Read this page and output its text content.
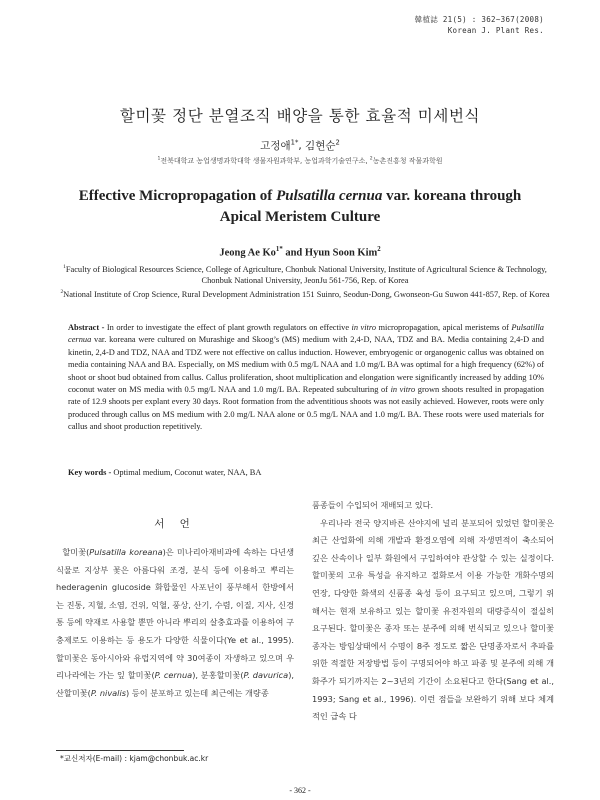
韓植誌 21(5) : 362~367(2008)
Korean J. Plant Res.
할미꽃 정단 분열조직 배양을 통한 효율적 미세번식
고정애$^{1*}$, 김현순$^2$
$^1$전북대학교 농업생명과학대학 생물자원과학부, 농업과학기술연구소, $^2$농촌진흥청 작물과학원
Effective Micropropagation of Pulsatilla cernua var. koreana through
Apical Meristem Culture
Jeong Ae $Ko^{1*}$ and Hyun Soon Kim$^2$
$^1$Faculty of Biological Resources Science, College of Agriculture, Chonbuk National University, Institute of Agricultural Science & Technology, Chonbuk National University, JeonJu 561-756, Rep. of Korea
$^2$National Institute of Crop Science, Rural Development Administration 151 Suinro, Seodun-Dong, Gwonseon-Gu Suwon 441-857, Rep. of Korea
Abstract - In order to investigate the effect of plant growth regulators on effective in vitro micropropagation, apical meristems of Pulsatilla cernua var. koreana were cultured on Murashige and Skoog’s (MS) medium with 2,4-D, NAA, TDZ and BA. Media containing 2,4-D and kinetin, 2,4-D and TDZ, NAA and TDZ were not effective on callus induction. However, embryogenic or organogenic callus was obtained on media containing NAA and BA. Especially, on MS medium with 0.5 mg/L NAA and 1.0 mg/L BA was optimal for a high frequency (62%) of shoot or shoot bud obtained from callus. Callus proliferation, shoot multiplication and elongation were significantly increased by adding 10% coconut water on MS media with 0.5 mg/L NAA and 1.0 mg/L BA. Repeated subculturing of in vitro grown shoots resulted in propagation rate of 12.9 shoots per explant every 30 days. Root formation from the adventitious shoots was not easily achieved. However, roots were only produced through callus on MS medium with 2.0 mg/L NAA alone or 0.5 mg/L NAA and 1.0 mg/L BA. These roots were used materials for callus and shoot production repetitively.
Key words - Optimal medium, Coconut water, NAA, BA
서 언
할미꽃(Pulsatilla koreana)은 미나리아재비과에 속하는 다년생 식물로 지상부 꽃은 아름다워 조경, 분식 등에 이용하고 뿌리는 hederagenin glucoside 화합물인 사포닌이 풍부해서 한방에서는 진통, 지혈, 소염, 건위, 익혈, 풍상, 산기, 수렴, 이질, 지사, 신경통 등에 약재로 사용할 뿐만 아니라 뿌리의 살충효과를 이용하여 구충제로도 이용하는 등 용도가 다양한 식물이다(Ye et al., 1995). 할미꽃은 동아시아와 유럽지역에 약 30여종이 자생하고 있으며 우리나라에는 가는 잎 할미꽃(P. cernua), 분홍할미꽃(P. davurica), 산할미꽃(P. nivalis) 등이 분포하고 있는데 최근에는 개량종
품종들이 수입되어 재배되고 있다.
우리나라 전국 양지바른 산야지에 널리 분포되어 있었던 할미꽃은 최근 산업화에 의해 개발과 환경오염에 의해 자생면적이 축소되어 깊은 산속이나 일부 화원에서 구입하여야 관상할 수 있는 실정이다. 할미꽃의 고유 특성을 유지하고 절화로서 이용 가능한 개화수명의 연장, 다양한 화색의 신품종 육성 등이 요구되고 있으며, 그렇기 위해서는 현재 보유하고 있는 할미꽃 유전자원의 대량증식이 절실히 요구된다. 할미꽃은 종자 또는 분주에 의해 번식되고 있으나 할미꽃 종자는 방임상태에서 수명이 8주 정도로 짧은 단명종자로서 추파를 위한 적절한 저장방법 등이 구명되어야 하고 파종 및 분주에 의해 개화주가 되기까지는 2~3년의 기간이 소요된다고 한다(Sang et al., 1993; Sang et al., 1996). 이런 점들을 보완하기 위해 보다 체계적인 급속 다
*교신저자(E-mail) : kjam@chonbuk.ac.kr
- 362 -
